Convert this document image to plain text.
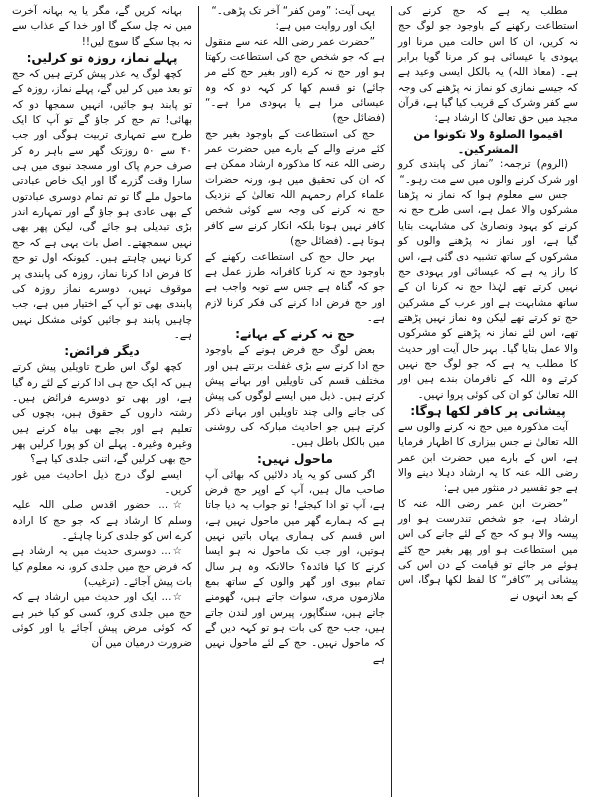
مطلب یہ ہے کہ حج کرنے کی استطاعت رکھنے کے باوجود جو لوگ حج نہ کریں، ان کا اس حالت میں مرنا اور یہودی یا عیسائی ہو کر مرنا گویا برابر ہے۔ (معاذ اللہ) یہ بالکل ایسی وعید ہے کہ جیسے نمازی کو نماز نہ پڑھنے کی وجہ سے کفر وشرک کے قریب کیا گیا ہے، قرآن مجید میں حق تعالیٰ کا ارشاد ہے:

اقیموا الصلوۃ ولا تکونوا من المشرکین۔

(الروم) ترجمہ: ”نماز کی پابندی کرو اور شرک کرنے والوں میں سے مت رہو۔“

جس سے معلوم ہوا کہ نماز نہ پڑھنا مشرکوں والا عمل ہے، اسی طرح حج نہ کرنے کو یہود ونصاریٰ کی مشابہت بتایا گیا ہے، اور نماز نہ پڑھنے والوں کو مشرکوں کے ساتھ تشبیہ دی گئی ہے، اس کا راز یہ ہے کہ عیسائی اور یہودی حج نہیں کرتے تھے لہٰذا حج نہ کرنا ان کے ساتھ مشابہت ہے اور عرب کے مشرکین حج تو کرتے تھے لیکن وہ نماز نہیں پڑھتے تھے، اس لئے نماز نہ پڑھنے کو مشرکوں والا عمل بتایا گیا۔ بہر حال آیت اور حدیث کا مطلب یہ ہے کہ جو لوگ حج نہیں کرتے وہ اللہ کے نافرمان بندے ہیں اور اللہ تعالیٰ کو ان کی کوئی پروا نہیں۔

پیشانی پر کافر لکھا ہوگا:

آیت مذکورہ میں حج نہ کرنے والوں سے اللہ تعالیٰ نے جس بیزاری کا اظہار فرمایا ہے، اس کے بارے میں حضرت ابن عمر رضی اللہ عنہ کا یہ ارشاد دہلا دینے والا ہے جو تفسیر در منثور میں ہے:

”حضرت ابن عمر رضی اللہ عنہ کا ارشاد ہے، جو شخص تندرست ہو اور پیسہ والا ہو کہ حج کے لئے جانے کی اس میں استطاعت ہو اور پھر بغیر حج کئے ہوئے مر جائے تو قیامت کے دن اس کی پیشانی پر ”کافر“ کا لفظ لکھا ہوگا، اس کے بعد انہوں نے

یہی آیت: ”ومن کفر“ آخر تک پڑھی۔“

ایک اور روایت میں ہے:

”حضرت عمر رضی اللہ عنہ سے منقول ہے کہ جو شخص حج کی استطاعت رکھتا ہو اور حج نہ کرے (اور بغیر حج کئے مر جائے) تو قسم کھا کر کہہ دو کہ وہ عیسائی مرا ہے یا یہودی مرا ہے۔“ (فضائل حج)

حج کی استطاعت کے باوجود بغیر حج کئے مرنے والے کے بارے میں حضرت عمر رضی اللہ عنہ کا مذکورہ ارشاد ممکن ہے کہ ان کی تحقیق میں ہو، ورنہ حضرات علماء کرام رحمہم اللہ تعالیٰ کے نزدیک حج نہ کرنے کی وجہ سے کوئی شخص کافر نہیں ہوتا بلکہ انکار کرنے سے کافر ہوتا ہے۔ (فضائل حج)

بہر حال حج کی استطاعت رکھنے کے باوجود حج نہ کرنا کافرانہ طرز عمل ہے جو کہ گناہ ہے جس سے توبہ واجب ہے اور حج فرض ادا کرنے کی فکر کرنا لازم ہے۔

حج نہ کرنے کے بہانے:

بعض لوگ حج فرض ہونے کے باوجود حج ادا کرنے سے بڑی غفلت برتتے ہیں اور مختلف قسم کی تاویلیں اور بہانے پیش کرتے ہیں۔ ذیل میں ایسے لوگوں کی پیش کی جانے والی چند تاویلیں اور بہانے ذکر کرتے ہیں جو احادیث مبارکہ کی روشنی میں بالکل باطل ہیں۔

ماحول نہیں:

اگر کسی کو یہ یاد دلائیں کہ بھائی آپ صاحب مال ہیں، آپ کے اوپر حج فرض ہے، آپ تو ادا کیجئے! تو جواب یہ دیا جاتا ہے کہ ہمارے گھر میں ماحول نہیں ہے، اس قسم کی ہماری یہاں باتیں نہیں ہوتیں، اور جب تک ماحول نہ ہو ایسا کرنے کا کیا فائدہ؟ حالانکہ وہ ہر سال تمام بیوی اور گھر والوں کے ساتھ بمع ملازموں مری، سوات جاتے ہیں، گھومنے جاتے ہیں، سنگاپور، پیرس اور لندن جاتے ہیں، جب حج کی بات ہو تو کہہ دیں گے کہ ماحول نہیں۔ حج کے لئے ماحول نہیں ہے

بہانہ کریں گے، مگر یا یہ بہانہ آخرت میں نہ چل سکے گا اور خدا کے عذاب سے نہ بچا سکے گا سوچ لیں!!

پہلے نماز، روزہ تو کرلیں:

کچھ لوگ یہ عذر پیش کرتے ہیں کہ حج تو بعد میں کر لیں گے، پہلے نماز، روزہ کے تو پابند ہو جائیں، انہیں سمجھا دو کہ بھائی! تم حج کر جاؤ گے تو آپ کا ایک طرح سے تمہاری تربیت ہوگی اور جب ۴۰ سے ۵۰ روزتک گھر سے باہر رہ کر صرف حرم پاک اور مسجد نبوی میں ہی سارا وقت گزرے گا اور ایک خاص عبادتی ماحول ملے گا تو تم تمام دوسری عبادتوں کے بھی عادی ہو جاؤ گے اور تمہارے اندر بڑی تبدیلی ہو جائے گی، لیکن پھر بھی نہیں سمجھتے۔ اصل بات یہی ہے کہ حج کرنا نہیں چاہتے ہیں۔ کیونکہ اول تو حج کا فرض ادا کرنا نماز، روزہ کی پابندی پر موقوف نہیں، دوسرے نماز روزہ کی پابندی بھی تو آپ کے اختیار میں ہے، جب چاہیں پابند ہو جائیں کوئی مشکل نہیں ہے۔

دیگر فرائض:

کچھ لوگ اس طرح تاویلیں پیش کرتے ہیں کہ ایک حج ہی ادا کرنے کے لئے رہ گیا ہے، اور بھی تو دوسرے فرائض ہیں۔ رشتہ داروں کے حقوق ہیں، بچوں کی تعلیم ہے اور بچے بھی بیاہ کرنے ہیں وغیرہ وغیرہ۔ پہلے ان کو پورا کرلیں پھر حج بھی کرلیں گے، اتنی جلدی کیا ہے؟

ایسے لوگ درج ذیل احادیث میں غور کریں۔

☆... حضور اقدس صلی اللہ علیہ وسلم کا ارشاد ہے کہ جو حج کا ارادہ کرے اس کو جلدی کرنا چاہئے۔

☆... دوسری حدیث میں یہ ارشاد ہے کہ فرض حج میں جلدی کرو، نہ معلوم کیا بات پیش آجائے۔ (ترغیب)

☆... ایک اور حدیث میں ارشاد ہے کہ حج میں جلدی کرو، کسی کو کیا خبر ہے کہ کوئی مرض پیش آجائے یا اور کوئی ضرورت درمیان میں آن
